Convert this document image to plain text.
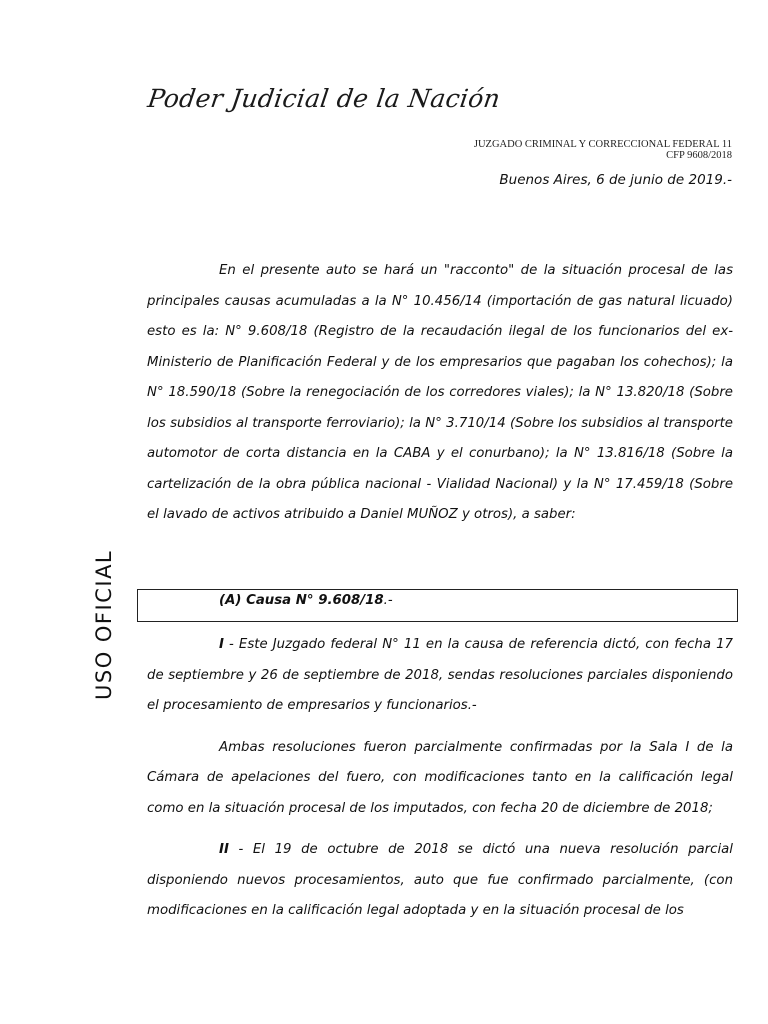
Poder Judicial de la Nación
JUZGADO CRIMINAL Y CORRECCIONAL FEDERAL 11
CFP 9608/2018
Buenos Aires, 6 de junio de 2019.-

En el presente auto se hará un "racconto" de la situación procesal de las principales causas acumuladas a la N° 10.456/14 (importación de gas natural licuado) esto es la: N° 9.608/18 (Registro de la recaudación ilegal de los funcionarios del ex-Ministerio de Planificación Federal y de los empresarios que pagaban los cohechos); la N° 18.590/18 (Sobre la renegociación de los corredores viales); la N° 13.820/18 (Sobre los subsidios al transporte ferroviario); la N° 3.710/14 (Sobre los subsidios al transporte automotor de corta distancia en la CABA y el conurbano); la N° 13.816/18 (Sobre la cartelización de la obra pública nacional - Vialidad Nacional) y la N° 17.459/18 (Sobre el lavado de activos atribuido a Daniel MUÑOZ y otros), a saber:

USO OFICIAL	(A) Causa N° 9.608/18.-

I - Este Juzgado federal N° 11 en la causa de referencia dictó, con fecha 17 de septiembre y 26 de septiembre de 2018, sendas resoluciones parciales disponiendo el procesamiento de empresarios y funcionarios.-

Ambas resoluciones fueron parcialmente confirmadas por la Sala I de la Cámara de apelaciones del fuero, con modificaciones tanto en la calificación legal como en la situación procesal de los imputados, con fecha 20 de diciembre de 2018;

II - El 19 de octubre de 2018 se dictó una nueva resolución parcial disponiendo nuevos procesamientos, auto que fue confirmado parcialmente, (con modificaciones en la calificación legal adoptada y en la situación procesal de los
